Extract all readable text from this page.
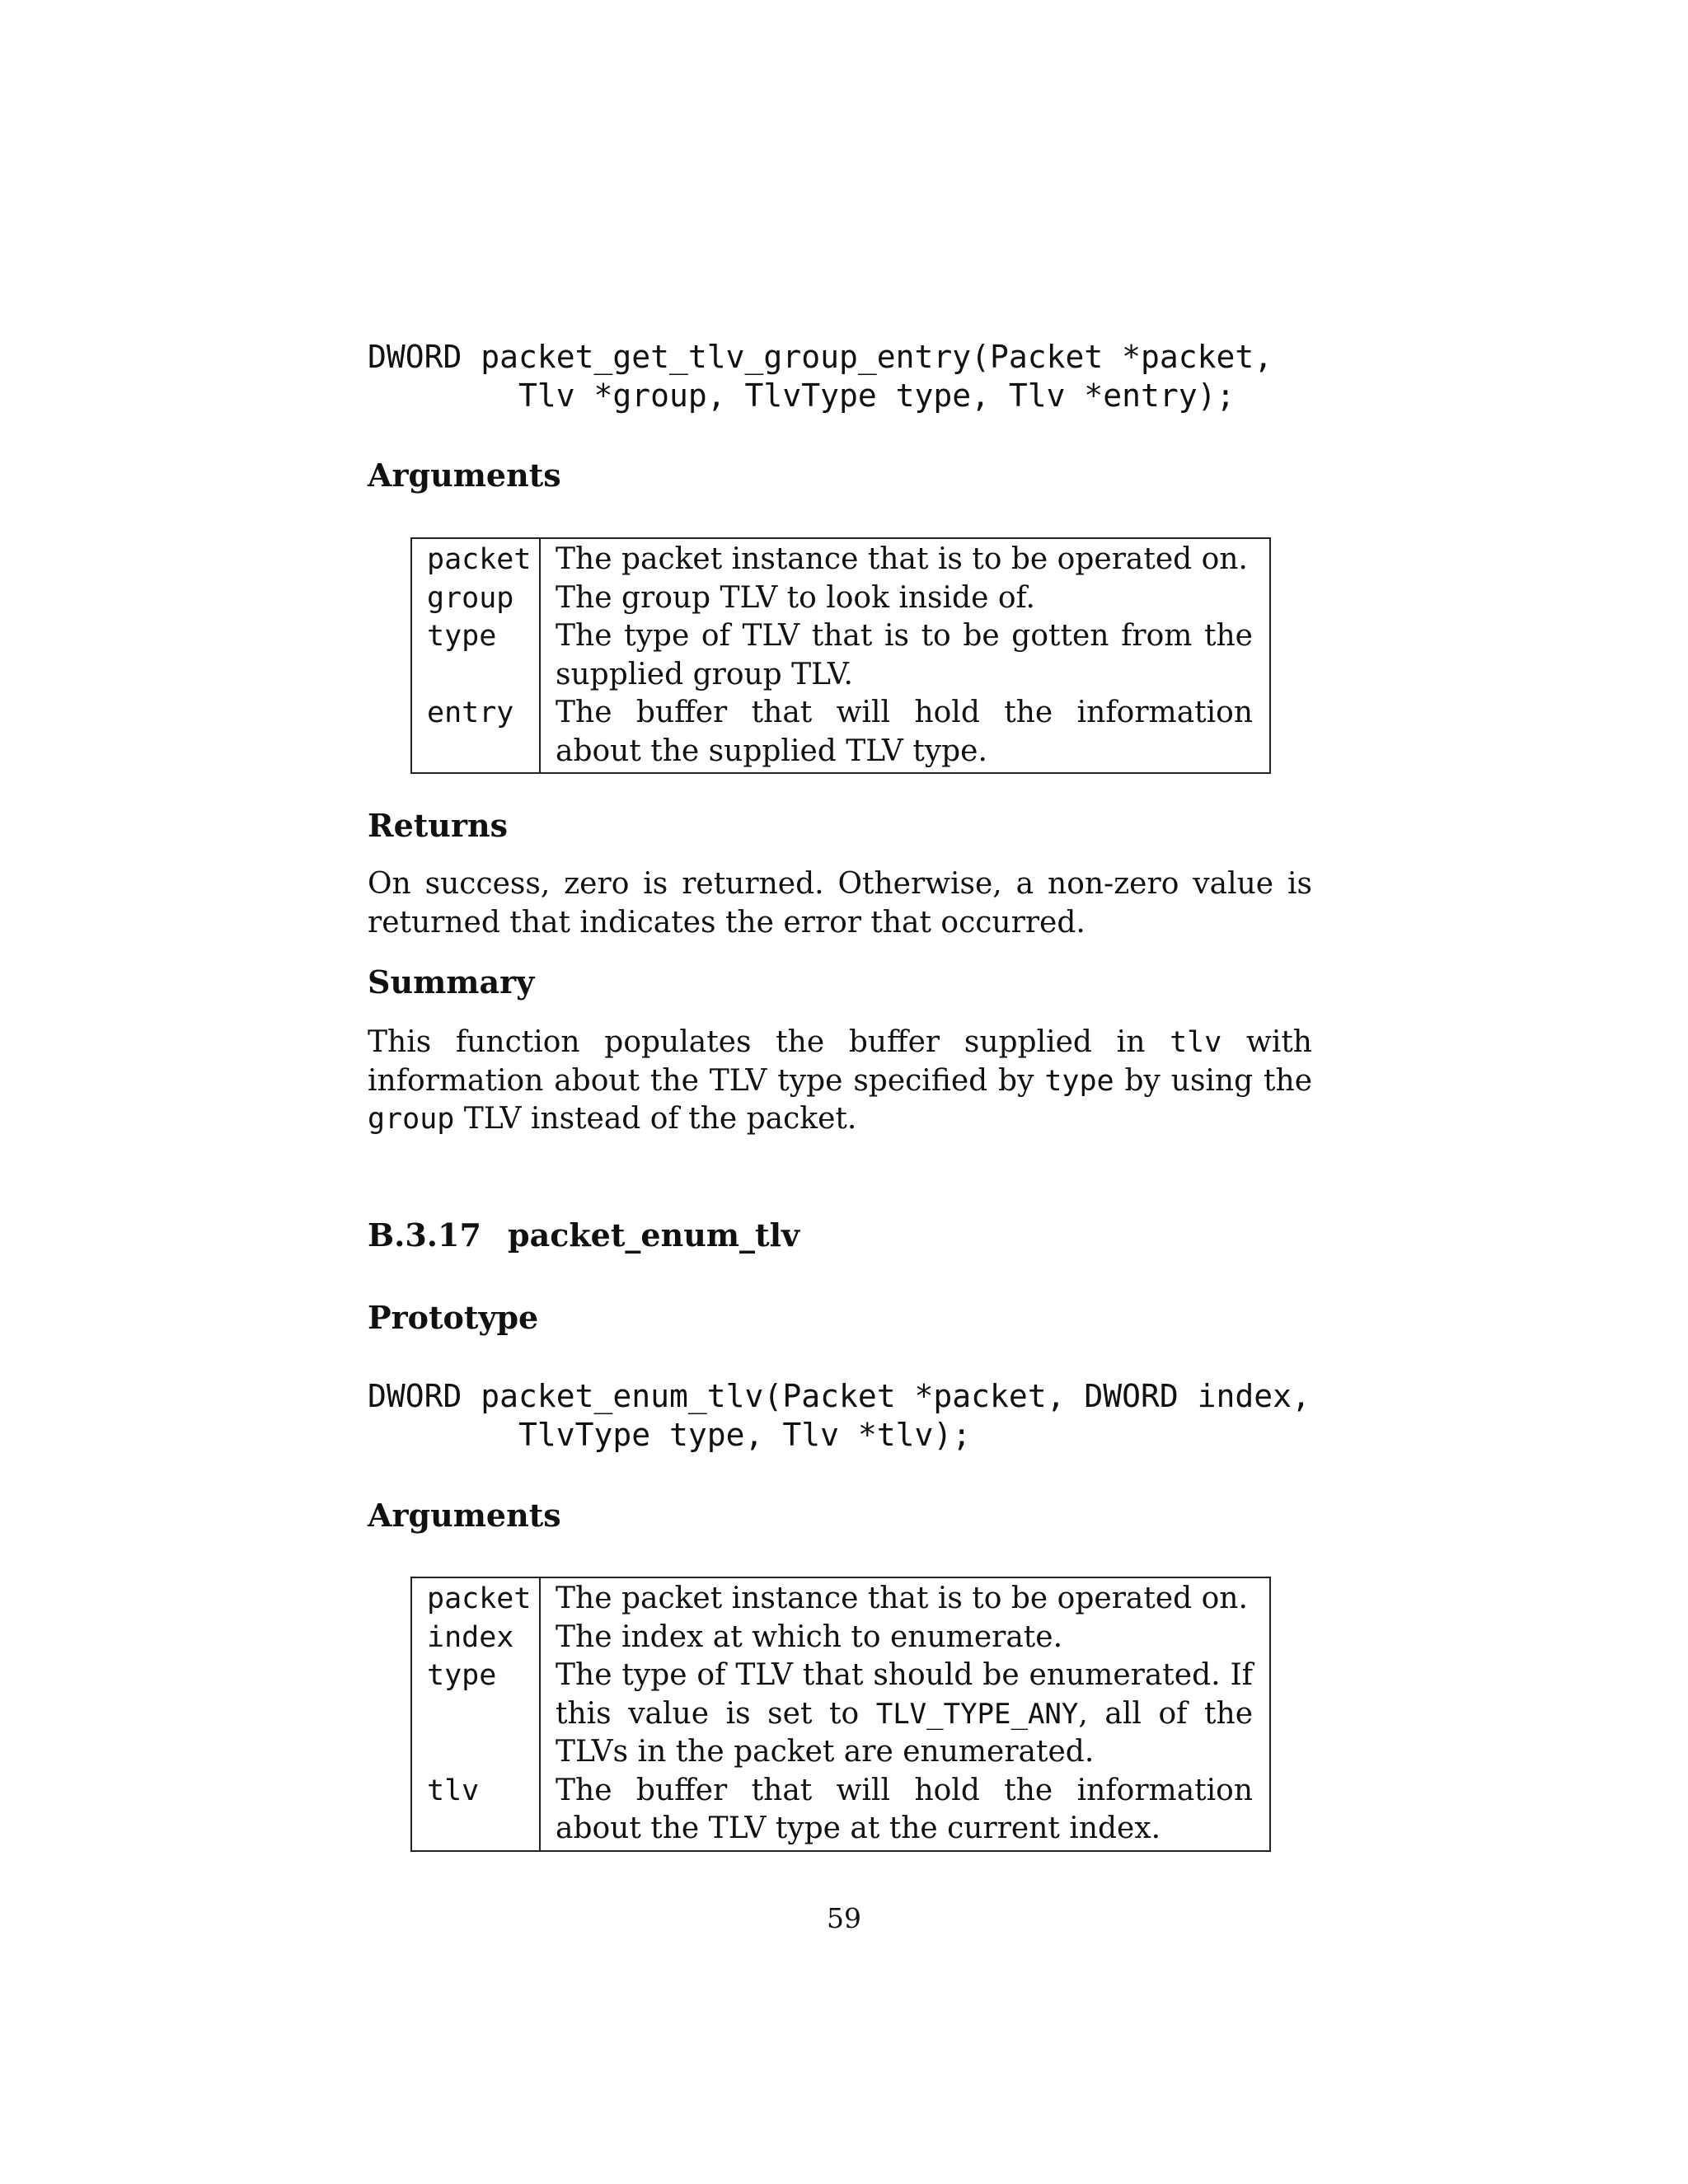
DWORD packet_get_tlv_group_entry(Packet *packet,
Tlv *group, TlvType type, Tlv *entry);
Arguments
packet	The packet instance that is to be operated on.
group	The group TLV to look inside of.
type	The type of TLV that is to be gotten from the supplied group TLV.
entry	The buffer that will hold the information about the supplied TLV type.
Returns

On success, zero is returned. Otherwise, a non-zero value is returned that indicates the error that occurred.

Summary

This function populates the buffer supplied in tlv with information about the TLV type specified by type by using the group TLV instead of the packet.

B.3.17 packet_enum_tlv
Prototype
DWORD packet_enum_tlv(Packet *packet, DWORD index,
TlvType type, Tlv *tlv);
Arguments
packet	The packet instance that is to be operated on.
index	The index at which to enumerate.
type	The type of TLV that should be enumerated. If this value is set to TLV_TYPE_ANY, all of the TLVs in the packet are enumerated.
tlv	The buffer that will hold the information about the TLV type at the current index.

59
